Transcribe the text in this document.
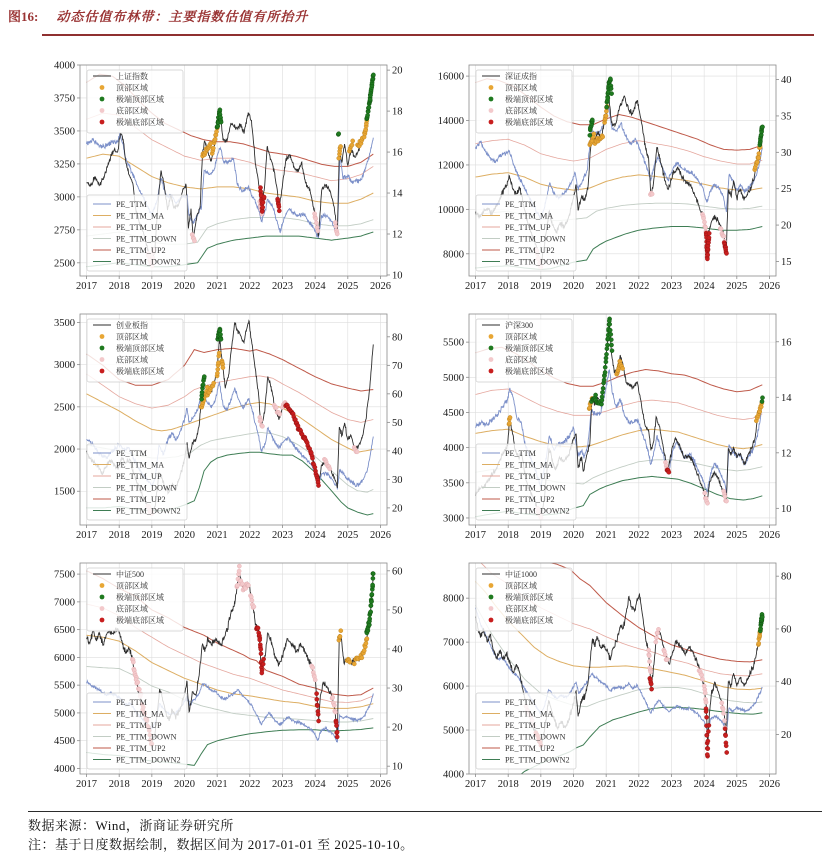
图16: 动态估值布林带：主要指数估值有所抬升
2500
2750
3000
3250
3500
3750
4000
10
12
14
16
18
20
2017 2018 2019 2020 2021 2022 2023 2024 2025 2026
上证指数
顶部区域
极端顶部区域
底部区域
极端底部区域
PE_TTM
PE_TTM_MA
PE_TTM_UP
PE_TTM_DOWN
PE_TTM_UP2
PE_TTM_DOWN2
8000
10000
12000
14000
16000
15
20
25
30
35
40
2017 2018 2019 2020 2021 2022 2023 2024 2025 2026
深证成指
顶部区域
极端顶部区域
底部区域
极端底部区域
PE_TTM
PE_TTM_MA
PE_TTM_UP
PE_TTM_DOWN
PE_TTM_UP2
PE_TTM_DOWN2
1500
2000
2500
3000
3500
20
30
40
50
60
70
80
2017 2018 2019 2020 2021 2022 2023 2024 2025 2026
创业板指
顶部区域
极端顶部区域
底部区域
极端底部区域
PE_TTM
PE_TTM_MA
PE_TTM_UP
PE_TTM_DOWN
PE_TTM_UP2
PE_TTM_DOWN2
3000
3500
4000
4500
5000
5500
10
12
14
16
2017 2018 2019 2020 2021 2022 2023 2024 2025 2026
沪深300
顶部区域
极端顶部区域
底部区域
极端底部区域
PE_TTM
PE_TTM_MA
PE_TTM_UP
PE_TTM_DOWN
PE_TTM_UP2
PE_TTM_DOWN2
4000
4500
5000
5500
6000
6500
7000
7500
10
20
30
40
50
60
2017 2018 2019 2020 2021 2022 2023 2024 2025 2026
中证500
顶部区域
极端顶部区域
底部区域
极端底部区域
PE_TTM
PE_TTM_MA
PE_TTM_UP
PE_TTM_DOWN
PE_TTM_UP2
PE_TTM_DOWN2
4000
5000
6000
7000
8000
20
40
60
80
2017 2018 2019 2020 2021 2022 2023 2024 2025 2026
中证1000
顶部区域
极端顶部区域
底部区域
极端底部区域
PE_TTM
PE_TTM_MA
PE_TTM_UP
PE_TTM_DOWN
PE_TTM_UP2
PE_TTM_DOWN2
数据来源：Wind，浙商证券研究所
注：基于日度数据绘制，数据区间为 2017-01-01 至 2025-10-10。
